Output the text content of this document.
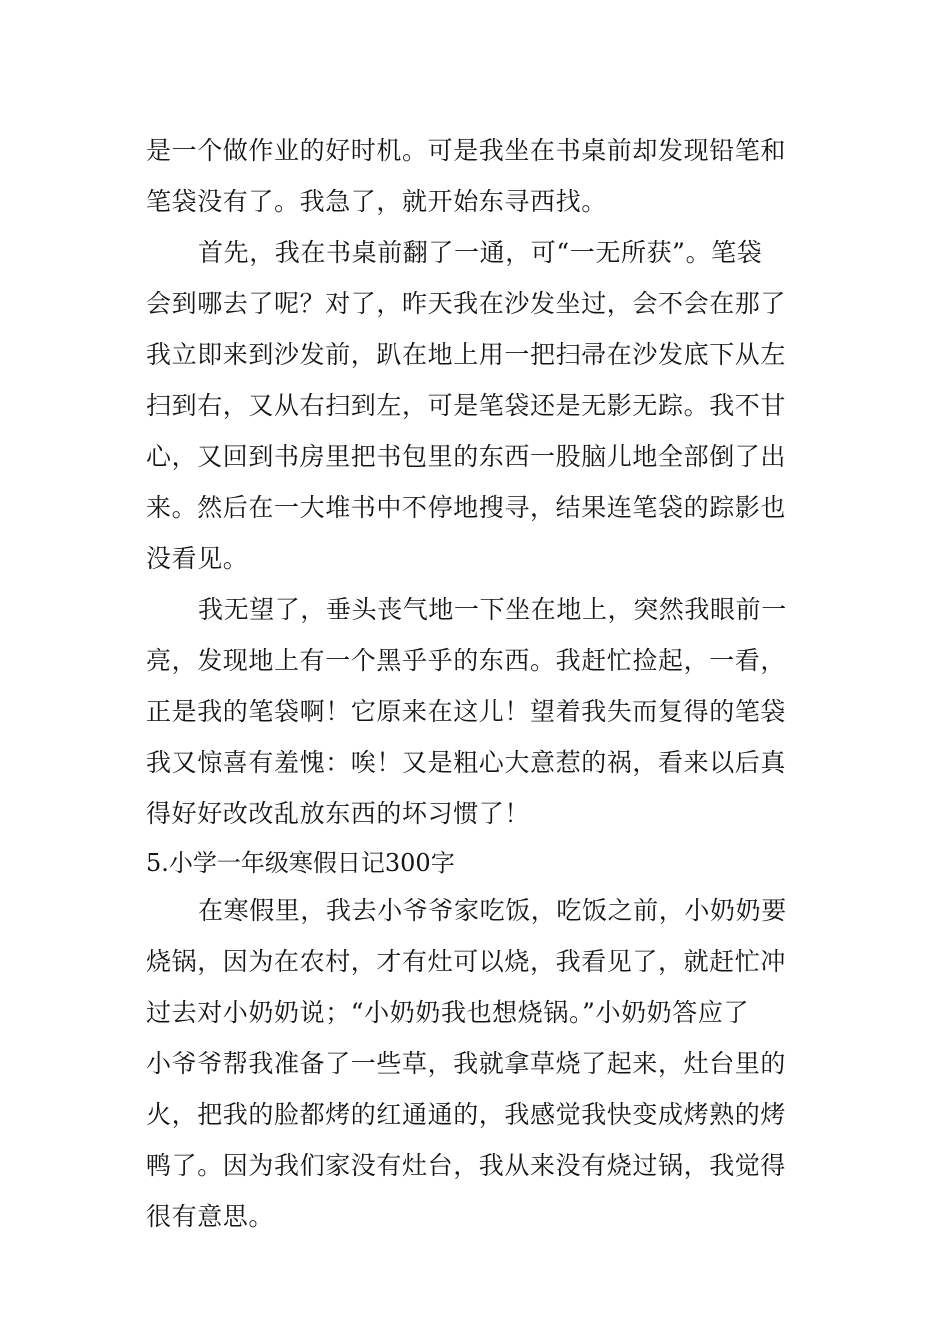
是一个做作业的好时机。可是我坐在书桌前却发现铅笔和
笔袋没有了。我急了，就开始东寻西找。
首先，我在书桌前翻了一通，可“一无所获”。笔袋
会到哪去了呢？对了，昨天我在沙发坐过，会不会在那了
我立即来到沙发前，趴在地上用一把扫帚在沙发底下从左
扫到右，又从右扫到左，可是笔袋还是无影无踪。我不甘
心，又回到书房里把书包里的东西一股脑儿地全部倒了出
来。然后在一大堆书中不停地搜寻，结果连笔袋的踪影也
没看见。
我无望了，垂头丧气地一下坐在地上，突然我眼前一
亮，发现地上有一个黑乎乎的东西。我赶忙捡起，一看，
正是我的笔袋啊！它原来在这儿！望着我失而复得的笔袋
我又惊喜有羞愧：唉！又是粗心大意惹的祸，看来以后真
得好好改改乱放东西的坏习惯了！
5.小学一年级寒假日记300字
在寒假里，我去小爷爷家吃饭，吃饭之前，小奶奶要
烧锅，因为在农村，才有灶可以烧，我看见了，就赶忙冲
过去对小奶奶说；“小奶奶我也想烧锅。”小奶奶答应了
小爷爷帮我准备了一些草，我就拿草烧了起来，灶台里的
火，把我的脸都烤的红通通的，我感觉我快变成烤熟的烤
鸭了。因为我们家没有灶台，我从来没有烧过锅，我觉得
很有意思。
